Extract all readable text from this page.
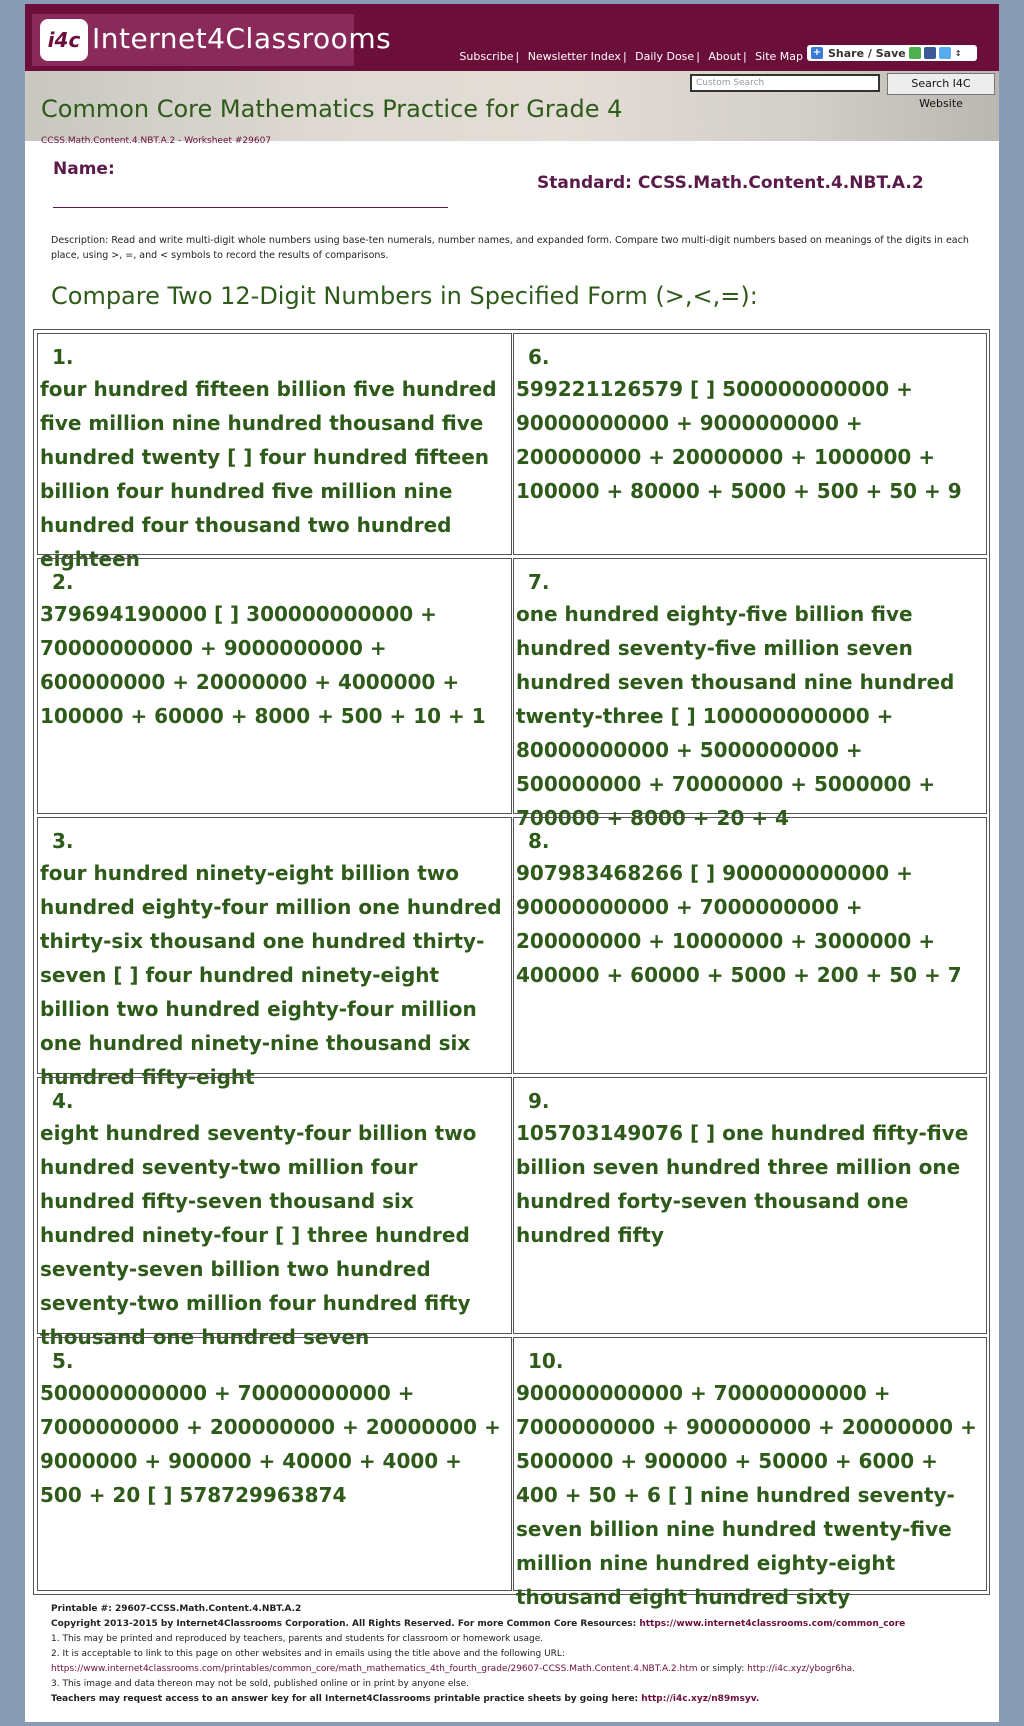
i4c Internet4Classrooms
Subscribe | Newsletter Index | Daily Dose | About | Site Map + Share / Save	↕
Custom Search	Search I4C Website
Common Core Mathematics Practice for Grade 4
CCSS.Math.Content.4.NBT.A.2 - Worksheet #29607
Name:
Standard: CCSS.Math.Content.4.NBT.A.2
Description: Read and write multi-digit whole numbers using base-ten numerals, number names, and expanded form. Compare two multi-digit numbers based on meanings of the digits in each place, using >, =, and < symbols to record the results of comparisons.
Compare Two 12-Digit Numbers in Specified Form (>,<,=):
1.
four hundred fifteen billion five hundred five million nine hundred thousand five hundred twenty [ ] four hundred fifteen billion four hundred five million nine hundred four thousand two hundred eighteen
6.
599221126579 [ ] 500000000000 + 90000000000 + 9000000000 + 200000000 + 20000000 + 1000000 + 100000 + 80000 + 5000 + 500 + 50 + 9
2.
379694190000 [ ] 300000000000 + 70000000000 + 9000000000 + 600000000 + 20000000 + 4000000 + 100000 + 60000 + 8000 + 500 + 10 + 1
7.
one hundred eighty-five billion five hundred seventy-five million seven hundred seven thousand nine hundred twenty-three [ ] 100000000000 + 80000000000 + 5000000000 + 500000000 + 70000000 + 5000000 + 700000 + 8000 + 20 + 4
3.
four hundred ninety-eight billion two hundred eighty-four million one hundred thirty-six thousand one hundred thirty-seven [ ] four hundred ninety-eight billion two hundred eighty-four million one hundred ninety-nine thousand six hundred fifty-eight
8.
907983468266 [ ] 900000000000 + 90000000000 + 7000000000 + 200000000 + 10000000 + 3000000 + 400000 + 60000 + 5000 + 200 + 50 + 7
4.
eight hundred seventy-four billion two hundred seventy-two million four hundred fifty-seven thousand six hundred ninety-four [ ] three hundred seventy-seven billion two hundred seventy-two million four hundred fifty thousand one hundred seven
9.
105703149076 [ ] one hundred fifty-five billion seven hundred three million one hundred forty-seven thousand one hundred fifty
5.
500000000000 + 70000000000 + 7000000000 + 200000000 + 20000000 + 9000000 + 900000 + 40000 + 4000 + 500 + 20 [ ] 578729963874
10.
900000000000 + 70000000000 + 7000000000 + 900000000 + 20000000 + 5000000 + 900000 + 50000 + 6000 + 400 + 50 + 6 [ ] nine hundred seventy-seven billion nine hundred twenty-five million nine hundred eighty-eight thousand eight hundred sixty

Printable #: 29607-CCSS.Math.Content.4.NBT.A.2

Copyright 2013-2015 by Internet4Classrooms Corporation. All Rights Reserved. For more Common Core Resources: https://www.internet4classrooms.com/common_core

1. This may be printed and reproduced by teachers, parents and students for classroom or homework usage.

2. It is acceptable to link to this page on other websites and in emails using the title above and the following URL:

https://www.internet4classrooms.com/printables/common_core/math_mathematics_4th_fourth_grade/29607-CCSS.Math.Content.4.NBT.A.2.htm or simply: http://i4c.xyz/ybogr6ha.

3. This image and data thereon may not be sold, published online or in print by anyone else.

Teachers may request access to an answer key for all Internet4Classrooms printable practice sheets by going here: http://i4c.xyz/n89msyv.
